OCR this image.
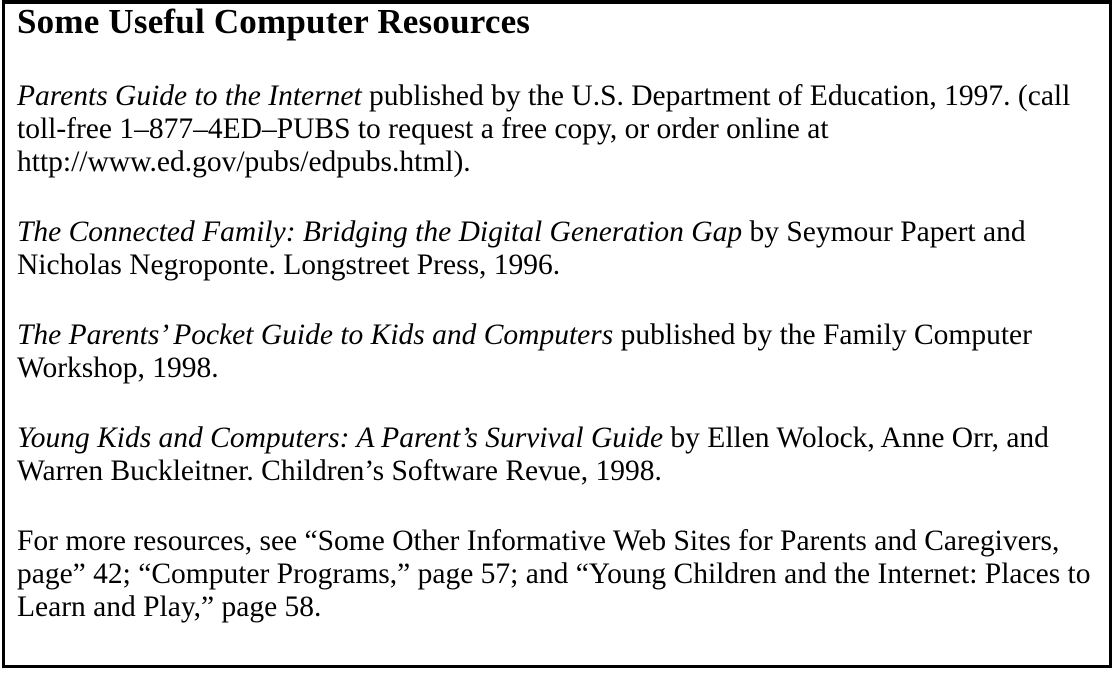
Some Useful Computer Resources

Parents Guide to the Internet published by the U.S. Department of Education, 1997. (call toll-free 1–877–4ED–PUBS to request a free copy, or order online at http://www.ed.gov/pubs/edpubs.html).

The Connected Family: Bridging the Digital Generation Gap by Seymour Papert and Nicholas Negroponte. Longstreet Press, 1996.

The Parents’ Pocket Guide to Kids and Computers published by the Family Computer Workshop, 1998.

Young Kids and Computers: A Parent’s Survival Guide by Ellen Wolock, Anne Orr, and Warren Buckleitner. Children’s Software Revue, 1998.

For more resources, see “Some Other Informative Web Sites for Parents and Caregivers, page” 42; “Computer Programs,” page 57; and “Young Children and the Internet: Places to Learn and Play,” page 58.
